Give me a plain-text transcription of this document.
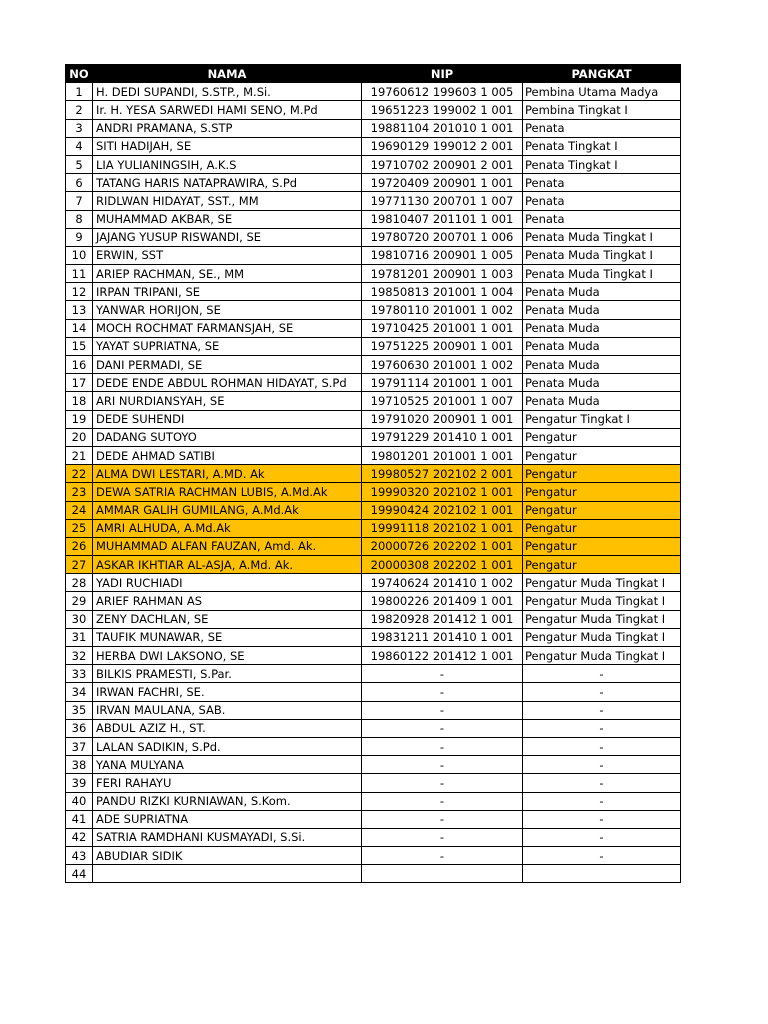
NO	NAMA	NIP	PANGKAT
1	H. DEDI SUPANDI, S.STP., M.Si.	19760612 199603 1 005	Pembina Utama Madya
2	Ir. H. YESA SARWEDI HAMI SENO, M.Pd	19651223 199002 1 001	Pembina Tingkat I
3	ANDRI PRAMANA, S.STP	19881104 201010 1 001	Penata
4	SITI HADIJAH, SE	19690129 199012 2 001	Penata Tingkat I
5	LIA YULIANINGSIH, A.K.S	19710702 200901 2 001	Penata Tingkat I
6	TATANG HARIS NATAPRAWIRA, S.Pd	19720409 200901 1 001	Penata
7	RIDLWAN HIDAYAT, SST., MM	19771130 200701 1 007	Penata
8	MUHAMMAD AKBAR, SE	19810407 201101 1 001	Penata
9	JAJANG YUSUP RISWANDI, SE	19780720 200701 1 006	Penata Muda Tingkat I
10	ERWIN, SST	19810716 200901 1 005	Penata Muda Tingkat I
11	ARIEP RACHMAN, SE., MM	19781201 200901 1 003	Penata Muda Tingkat I
12	IRPAN TRIPANI, SE	19850813 201001 1 004	Penata Muda
13	YANWAR HORIJON, SE	19780110 201001 1 002	Penata Muda
14	MOCH ROCHMAT FARMANSJAH, SE	19710425 201001 1 001	Penata Muda
15	YAYAT SUPRIATNA, SE	19751225 200901 1 001	Penata Muda
16	DANI PERMADI, SE	19760630 201001 1 002	Penata Muda
17	DEDE ENDE ABDUL ROHMAN HIDAYAT, S.Pd	19791114 201001 1 001	Penata Muda
18	ARI NURDIANSYAH, SE	19710525 201001 1 007	Penata Muda
19	DEDE SUHENDI	19791020 200901 1 001	Pengatur Tingkat I
20	DADANG SUTOYO	19791229 201410 1 001	Pengatur
21	DEDE AHMAD SATIBI	19801201 201001 1 001	Pengatur
22	ALMA DWI LESTARI, A.MD. Ak	19980527 202102 2 001	Pengatur
23	DEWA SATRIA RACHMAN LUBIS, A.Md.Ak	19990320 202102 1 001	Pengatur
24	AMMAR GALIH GUMILANG, A.Md.Ak	19990424 202102 1 001	Pengatur
25	AMRI ALHUDA, A.Md.Ak	19991118 202102 1 001	Pengatur
26	MUHAMMAD ALFAN FAUZAN, Amd. Ak.	20000726 202202 1 001	Pengatur
27	ASKAR IKHTIAR AL-ASJA, A.Md. Ak.	20000308 202202 1 001	Pengatur
28	YADI RUCHIADI	19740624 201410 1 002	Pengatur Muda Tingkat I
29	ARIEF RAHMAN AS	19800226 201409 1 001	Pengatur Muda Tingkat I
30	ZENY DACHLAN, SE	19820928 201412 1 001	Pengatur Muda Tingkat I
31	TAUFIK MUNAWAR, SE	19831211 201410 1 001	Pengatur Muda Tingkat I
32	HERBA DWI LAKSONO, SE	19860122 201412 1 001	Pengatur Muda Tingkat I
33	BILKIS PRAMESTI, S.Par.	-	-
34	IRWAN FACHRI, SE.	-	-
35	IRVAN MAULANA, SAB.	-	-
36	ABDUL AZIZ H., ST.	-	-
37	LALAN SADIKIN, S.Pd.	-	-
38	YANA MULYANA	-	-
39	FERI RAHAYU	-	-
40	PANDU RIZKI KURNIAWAN, S.Kom.	-	-
41	ADE SUPRIATNA	-	-
42	SATRIA RAMDHANI KUSMAYADI, S.Si.	-	-
43	ABUDIAR SIDIK	-	-
44			
